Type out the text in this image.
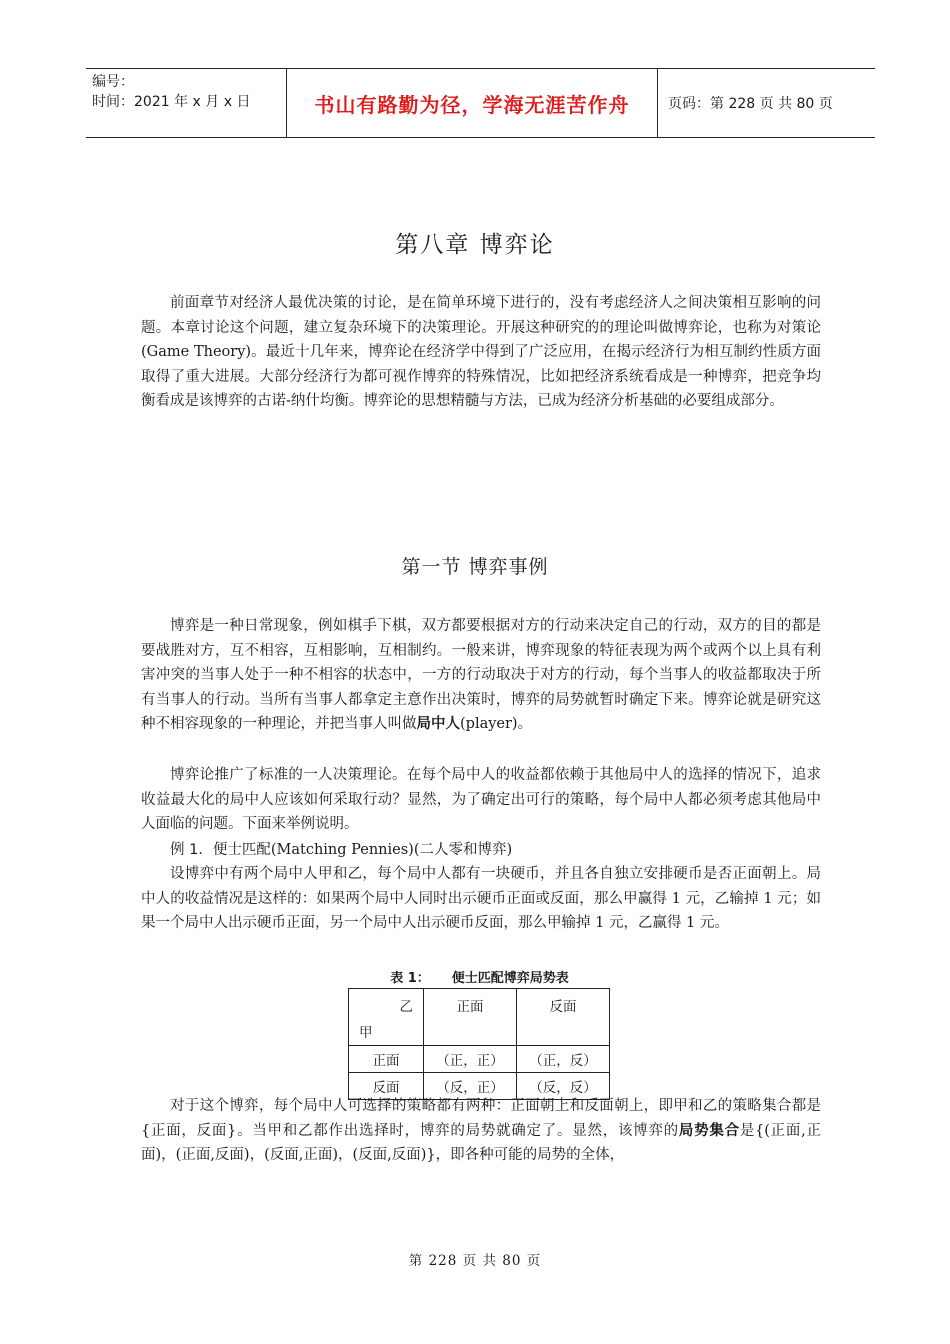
编号：
时间：2021 年 x 月 x 日	书山有路勤为径，学海无涯苦作舟	页码：第 228 页 共 80 页
第八章 博弈论

前面章节对经济人最优决策的讨论，是在简单环境下进行的，没有考虑经济人之间决策相互影响的问题。本章讨论这个问题，建立复杂环境下的决策理论。开展这种研究的的理论叫做博弈论，也称为对策论(Game Theory)。最近十几年来，博弈论在经济学中得到了广泛应用，在揭示经济行为相互制约性质方面取得了重大进展。大部分经济行为都可视作博弈的特殊情况，比如把经济系统看成是一种博弈，把竞争均衡看成是该博弈的古诺-纳什均衡。博弈论的思想精髓与方法，已成为经济分析基础的必要组成部分。

第一节 博弈事例

博弈是一种日常现象，例如棋手下棋，双方都要根据对方的行动来决定自己的行动，双方的目的都是要战胜对方，互不相容，互相影响，互相制约。一般来讲，博弈现象的特征表现为两个或两个以上具有利害冲突的当事人处于一种不相容的状态中，一方的行动取决于对方的行动，每个当事人的收益都取决于所有当事人的行动。当所有当事人都拿定主意作出决策时，博弈的局势就暂时确定下来。博弈论就是研究这种不相容现象的一种理论，并把当事人叫做局中人(player)。

博弈论推广了标准的一人决策理论。在每个局中人的收益都依赖于其他局中人的选择的情况下，追求收益最大化的局中人应该如何采取行动？显然，为了确定出可行的策略，每个局中人都必须考虑其他局中人面临的问题。下面来举例说明。

例 1．便士匹配(Matching Pennies)(二人零和博弈)

设博弈中有两个局中人甲和乙，每个局中人都有一块硬币，并且各自独立安排硬币是否正面朝上。局中人的收益情况是这样的：如果两个局中人同时出示硬币正面或反面，那么甲赢得 1 元，乙输掉 1 元；如果一个局中人出示硬币正面，另一个局中人出示硬币反面，那么甲输掉 1 元，乙赢得 1 元。

表 1： 便士匹配博弈局势表
乙
甲	正面	反面
正面	（正，正）	（正，反）
反面	（反，正）	（反，反）

对于这个博弈，每个局中人可选择的策略都有两种：正面朝上和反面朝上，即甲和乙的策略集合都是{正面，反面}。当甲和乙都作出选择时，博弈的局势就确定了。显然，该博弈的局势集合是{(正面,正面)，(正面,反面)，(反面,正面)，(反面,反面)}，即各种可能的局势的全体，

第 228 页 共 80 页
